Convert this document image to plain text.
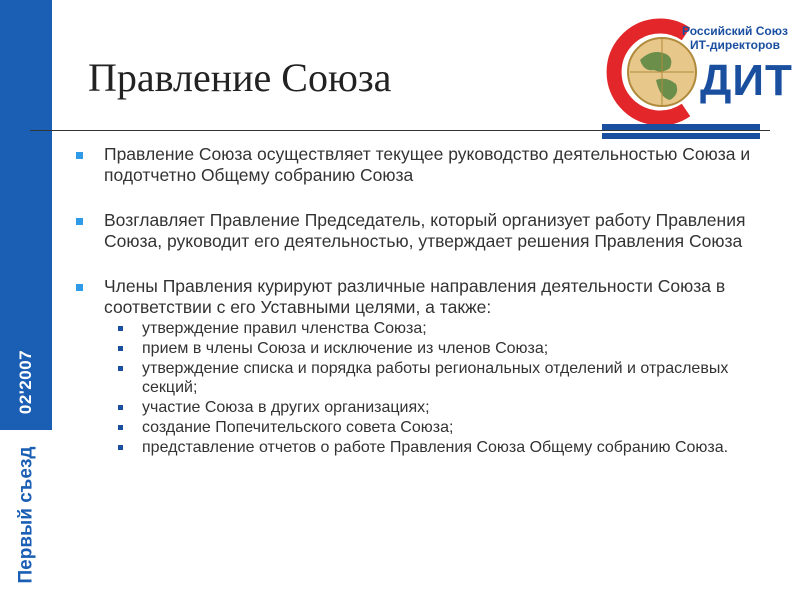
02'2007
Первый съезд
Правление Союза
Российский Союз
ИТ-директоров
ДИТ
Правление Союза осуществляет текущее руководство деятельностью Союза и подотчетно Общему собранию Союза
Возглавляет Правление Председатель, который организует работу Правления Союза, руководит его деятельностью, утверждает решения Правления Союза
Члены Правления курируют различные направления деятельности Союза в соответствии с его Уставными целями, а также:
утверждение правил членства Союза;
прием в члены Союза и исключение из членов Союза;
утверждение списка и порядка работы региональных отделений и отраслевых секций;
участие Союза в других организациях;
создание Попечительского совета Союза;
представление отчетов о работе Правления Союза Общему собранию Союза.
